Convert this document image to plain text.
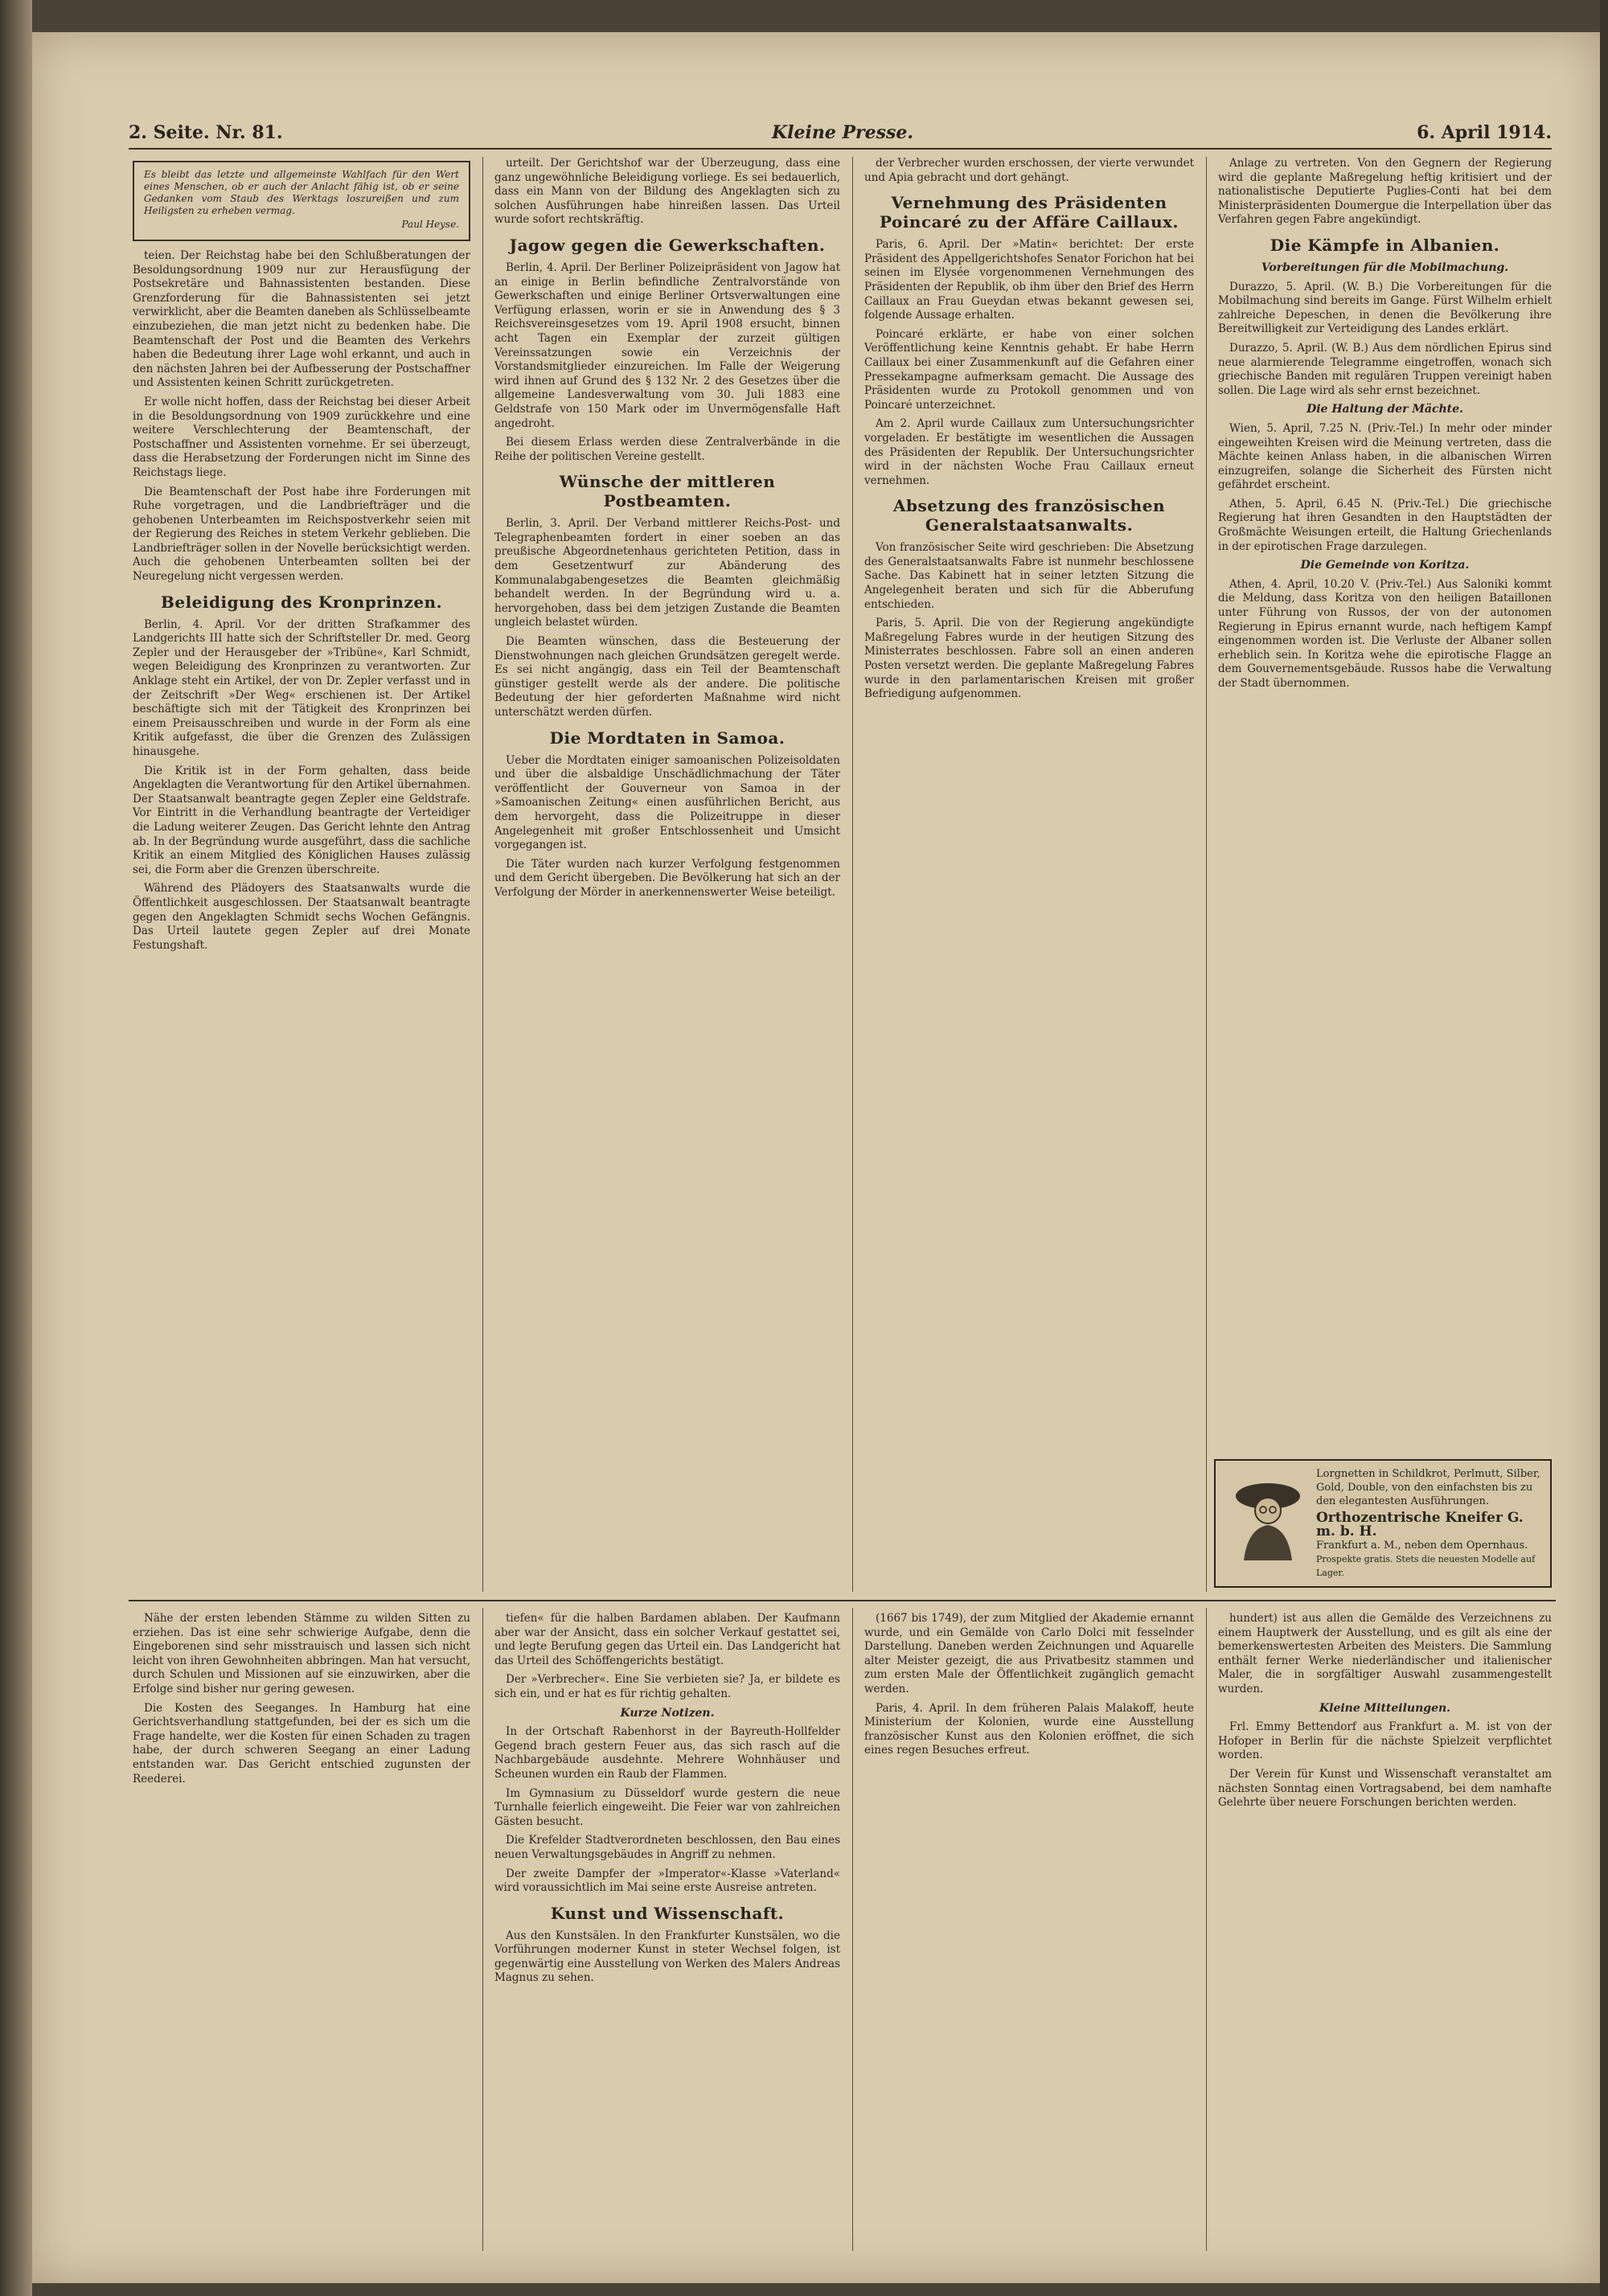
2. Seite. Nr. 81.	Kleine Presse.	6. April 1914.
Es bleibt das letzte und allgemeinste Wahlfach für den Wert eines Menschen, ob er auch der Anlacht fähig ist, ob er seine Gedanken vom Staub des Werktags loszureißen und zum Heiligsten zu erheben vermag.
Paul Heyse.

teien. Der Reichstag habe bei den Schlußberatungen der Besoldungsordnung 1909 nur zur Herausfügung der Postsekretäre und Bahnassistenten bestanden. Diese Grenzforderung für die Bahnassistenten sei jetzt verwirklicht, aber die Beamten daneben als Schlüsselbeamte einzubeziehen, die man jetzt nicht zu bedenken habe. Die Beamtenschaft der Post und die Beamten des Verkehrs haben die Bedeutung ihrer Lage wohl erkannt, und auch in den nächsten Jahren bei der Aufbesserung der Postschaffner und Assistenten keinen Schritt zurückgetreten.

Er wolle nicht hoffen, dass der Reichstag bei dieser Arbeit in die Besoldungsordnung von 1909 zurückkehre und eine weitere Verschlechterung der Beamtenschaft, der Postschaffner und Assistenten vornehme. Er sei überzeugt, dass die Herabsetzung der Forderungen nicht im Sinne des Reichstags liege.

Die Beamtenschaft der Post habe ihre Forderungen mit Ruhe vorgetragen, und die Landbriefträger und die gehobenen Unterbeamten im Reichspostverkehr seien mit der Regierung des Reiches in stetem Verkehr geblieben. Die Landbriefträger sollen in der Novelle berücksichtigt werden. Auch die gehobenen Unterbeamten sollten bei der Neuregelung nicht vergessen werden.

Beleidigung des Kronprinzen.

Berlin, 4. April. Vor der dritten Strafkammer des Landgerichts III hatte sich der Schriftsteller Dr. med. Georg Zepler und der Herausgeber der »Tribüne«, Karl Schmidt, wegen Beleidigung des Kronprinzen zu verantworten. Zur Anklage steht ein Artikel, der von Dr. Zepler verfasst und in der Zeitschrift »Der Weg« erschienen ist. Der Artikel beschäftigte sich mit der Tätigkeit des Kronprinzen bei einem Preisausschreiben und wurde in der Form als eine Kritik aufgefasst, die über die Grenzen des Zulässigen hinausgehe.

Die Kritik ist in der Form gehalten, dass beide Angeklagten die Verantwortung für den Artikel übernahmen. Der Staatsanwalt beantragte gegen Zepler eine Geldstrafe. Vor Eintritt in die Verhandlung beantragte der Verteidiger die Ladung weiterer Zeugen. Das Gericht lehnte den Antrag ab. In der Begründung wurde ausgeführt, dass die sachliche Kritik an einem Mitglied des Königlichen Hauses zulässig sei, die Form aber die Grenzen überschreite.

Während des Plädoyers des Staatsanwalts wurde die Öffentlichkeit ausgeschlossen. Der Staatsanwalt beantragte gegen den Angeklagten Schmidt sechs Wochen Gefängnis. Das Urteil lautete gegen Zepler auf drei Monate Festungshaft.

urteilt. Der Gerichtshof war der Überzeugung, dass eine ganz ungewöhnliche Beleidigung vorliege. Es sei bedauerlich, dass ein Mann von der Bildung des Angeklagten sich zu solchen Ausführungen habe hinreißen lassen. Das Urteil wurde sofort rechtskräftig.

Jagow gegen die Gewerkschaften.

Berlin, 4. April. Der Berliner Polizeipräsident von Jagow hat an einige in Berlin befindliche Zentralvorstände von Gewerkschaften und einige Berliner Ortsverwaltungen eine Verfügung erlassen, worin er sie in Anwendung des § 3 Reichsvereinsgesetzes vom 19. April 1908 ersucht, binnen acht Tagen ein Exemplar der zurzeit gültigen Vereinssatzungen sowie ein Verzeichnis der Vorstandsmitglieder einzureichen. Im Falle der Weigerung wird ihnen auf Grund des § 132 Nr. 2 des Gesetzes über die allgemeine Landesverwaltung vom 30. Juli 1883 eine Geldstrafe von 150 Mark oder im Unvermögensfalle Haft angedroht.

Bei diesem Erlass werden diese Zentralverbände in die Reihe der politischen Vereine gestellt.

Wünsche der mittleren Postbeamten.

Berlin, 3. April. Der Verband mittlerer Reichs-Post- und Telegraphenbeamten fordert in einer soeben an das preußische Abgeordnetenhaus gerichteten Petition, dass in dem Gesetzentwurf zur Abänderung des Kommunalabgabengesetzes die Beamten gleichmäßig behandelt werden. In der Begründung wird u. a. hervorgehoben, dass bei dem jetzigen Zustande die Beamten ungleich belastet würden.

Die Beamten wünschen, dass die Besteuerung der Dienstwohnungen nach gleichen Grundsätzen geregelt werde. Es sei nicht angängig, dass ein Teil der Beamtenschaft günstiger gestellt werde als der andere. Die politische Bedeutung der hier geforderten Maßnahme wird nicht unterschätzt werden dürfen.

Die Mordtaten in Samoa.

Ueber die Mordtaten einiger samoanischen Polizeisoldaten und über die alsbaldige Unschädlichmachung der Täter veröffentlicht der Gouverneur von Samoa in der »Samoanischen Zeitung« einen ausführlichen Bericht, aus dem hervorgeht, dass die Polizeitruppe in dieser Angelegenheit mit großer Entschlossenheit und Umsicht vorgegangen ist.

Die Täter wurden nach kurzer Verfolgung festgenommen und dem Gericht übergeben. Die Bevölkerung hat sich an der Verfolgung der Mörder in anerkennenswerter Weise beteiligt.

der Verbrecher wurden erschossen, der vierte verwundet und Apia gebracht und dort gehängt.

Vernehmung des Präsidenten Poincaré zu der Affäre Caillaux.

Paris, 6. April. Der »Matin« berichtet: Der erste Präsident des Appellgerichtshofes Senator Forichon hat bei seinen im Elysée vorgenommenen Vernehmungen des Präsidenten der Republik, ob ihm über den Brief des Herrn Caillaux an Frau Gueydan etwas bekannt gewesen sei, folgende Aussage erhalten.

Poincaré erklärte, er habe von einer solchen Veröffentlichung keine Kenntnis gehabt. Er habe Herrn Caillaux bei einer Zusammenkunft auf die Gefahren einer Pressekampagne aufmerksam gemacht. Die Aussage des Präsidenten wurde zu Protokoll genommen und von Poincaré unterzeichnet.

Am 2. April wurde Caillaux zum Untersuchungsrichter vorgeladen. Er bestätigte im wesentlichen die Aussagen des Präsidenten der Republik. Der Untersuchungsrichter wird in der nächsten Woche Frau Caillaux erneut vernehmen.

Absetzung des französischen Generalstaatsanwalts.

Von französischer Seite wird geschrieben: Die Absetzung des Generalstaatsanwalts Fabre ist nunmehr beschlossene Sache. Das Kabinett hat in seiner letzten Sitzung die Angelegenheit beraten und sich für die Abberufung entschieden.

Paris, 5. April. Die von der Regierung angekündigte Maßregelung Fabres wurde in der heutigen Sitzung des Ministerrates beschlossen. Fabre soll an einen anderen Posten versetzt werden. Die geplante Maßregelung Fabres wurde in den parlamentarischen Kreisen mit großer Befriedigung aufgenommen.

Anlage zu vertreten. Von den Gegnern der Regierung wird die geplante Maßregelung heftig kritisiert und der nationalistische Deputierte Puglies-Conti hat bei dem Ministerpräsidenten Doumergue die Interpellation über das Verfahren gegen Fabre angekündigt.

Die Kämpfe in Albanien.
Vorbereitungen für die Mobilmachung.

Durazzo, 5. April. (W. B.) Die Vorbereitungen für die Mobilmachung sind bereits im Gange. Fürst Wilhelm erhielt zahlreiche Depeschen, in denen die Bevölkerung ihre Bereitwilligkeit zur Verteidigung des Landes erklärt.

Durazzo, 5. April. (W. B.) Aus dem nördlichen Epirus sind neue alarmierende Telegramme eingetroffen, wonach sich griechische Banden mit regulären Truppen vereinigt haben sollen. Die Lage wird als sehr ernst bezeichnet.

Die Haltung der Mächte.

Wien, 5. April, 7.25 N. (Priv.-Tel.) In mehr oder minder eingeweihten Kreisen wird die Meinung vertreten, dass die Mächte keinen Anlass haben, in die albanischen Wirren einzugreifen, solange die Sicherheit des Fürsten nicht gefährdet erscheint.

Athen, 5. April, 6.45 N. (Priv.-Tel.) Die griechische Regierung hat ihren Gesandten in den Hauptstädten der Großmächte Weisungen erteilt, die Haltung Griechenlands in der epirotischen Frage darzulegen.

Die Gemeinde von Koritza.

Athen, 4. April, 10.20 V. (Priv.-Tel.) Aus Saloniki kommt die Meldung, dass Koritza von den heiligen Bataillonen unter Führung von Russos, der von der autonomen Regierung in Epirus ernannt wurde, nach heftigem Kampf eingenommen worden ist. Die Verluste der Albaner sollen erheblich sein. In Koritza wehe die epirotische Flagge an dem Gouvernementsgebäude. Russos habe die Verwaltung der Stadt übernommen.

Lorgnetten in Schildkrot, Perlmutt, Silber, Gold, Double, von den einfachsten bis zu den elegantesten Ausführungen.
Orthozentrische Kneifer G. m. b. H.
Frankfurt a. M., neben dem Opernhaus.
Prospekte gratis. Stets die neuesten Modelle auf Lager.

Nähe der ersten lebenden Stämme zu wilden Sitten zu erziehen. Das ist eine sehr schwierige Aufgabe, denn die Eingeborenen sind sehr misstrauisch und lassen sich nicht leicht von ihren Gewohnheiten abbringen. Man hat versucht, durch Schulen und Missionen auf sie einzuwirken, aber die Erfolge sind bisher nur gering gewesen.

Die Kosten des Seeganges. In Hamburg hat eine Gerichtsverhandlung stattgefunden, bei der es sich um die Frage handelte, wer die Kosten für einen Schaden zu tragen habe, der durch schweren Seegang an einer Ladung entstanden war. Das Gericht entschied zugunsten der Reederei.

tiefen« für die halben Bardamen ablaben. Der Kaufmann aber war der Ansicht, dass ein solcher Verkauf gestattet sei, und legte Berufung gegen das Urteil ein. Das Landgericht hat das Urteil des Schöffengerichts bestätigt.

Der »Verbrecher«. Eine Sie verbieten sie? Ja, er bildete es sich ein, und er hat es für richtig gehalten.

Kurze Notizen.

In der Ortschaft Rabenhorst in der Bayreuth-Hollfelder Gegend brach gestern Feuer aus, das sich rasch auf die Nachbargebäude ausdehnte. Mehrere Wohnhäuser und Scheunen wurden ein Raub der Flammen.

Im Gymnasium zu Düsseldorf wurde gestern die neue Turnhalle feierlich eingeweiht. Die Feier war von zahlreichen Gästen besucht.

Die Krefelder Stadtverordneten beschlossen, den Bau eines neuen Verwaltungsgebäudes in Angriff zu nehmen.

Der zweite Dampfer der »Imperator«-Klasse »Vaterland« wird voraussichtlich im Mai seine erste Ausreise antreten.

Kunst und Wissenschaft.

Aus den Kunstsälen. In den Frankfurter Kunstsälen, wo die Vorführungen moderner Kunst in steter Wechsel folgen, ist gegenwärtig eine Ausstellung von Werken des Malers Andreas Magnus zu sehen.

(1667 bis 1749), der zum Mitglied der Akademie ernannt wurde, und ein Gemälde von Carlo Dolci mit fesselnder Darstellung. Daneben werden Zeichnungen und Aquarelle alter Meister gezeigt, die aus Privatbesitz stammen und zum ersten Male der Öffentlichkeit zugänglich gemacht werden.

Paris, 4. April. In dem früheren Palais Malakoff, heute Ministerium der Kolonien, wurde eine Ausstellung französischer Kunst aus den Kolonien eröffnet, die sich eines regen Besuches erfreut.

hundert) ist aus allen die Gemälde des Verzeichnens zu einem Hauptwerk der Ausstellung, und es gilt als eine der bemerkenswertesten Arbeiten des Meisters. Die Sammlung enthält ferner Werke niederländischer und italienischer Maler, die in sorgfältiger Auswahl zusammengestellt wurden.

Kleine Mitteilungen.

Frl. Emmy Bettendorf aus Frankfurt a. M. ist von der Hofoper in Berlin für die nächste Spielzeit verpflichtet worden.

Der Verein für Kunst und Wissenschaft veranstaltet am nächsten Sonntag einen Vortragsabend, bei dem namhafte Gelehrte über neuere Forschungen berichten werden.
